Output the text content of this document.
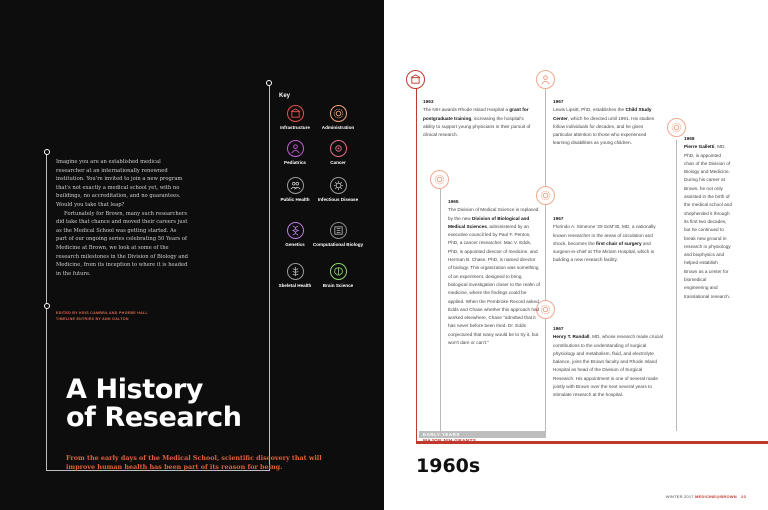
Imagine you are an established medical researcher at an internationally renowned institution. You're invited to join a new program that's not exactly a medical school yet, with no buildings, no accreditation, and no guarantees. Would you take that leap?

Fortunately for Brown, many such researchers did take that chance and moved their careers just as the Medical School was getting started. As part of our ongoing series celebrating 50 Years of Medicine at Brown, we look at some of the research milestones in the Division of Biology and Medicine, from its inception to where it is headed in the future.

EDITED BY KRIS CAMBRA AND PHOEBE HALL
TIMELINE ENTRIES BY ANN GALTON
A History
of Research
From the early days of the Medical School, scientific discovery that will improve human health has been part of its reason for being.
Key
Infrastructure	Administration
Pediatrics	Cancer
Public Health	Infectious Disease
Genetics	Computational Biology
Skeletal Health	Brain Science
EARLY YEARS
MAJOR NIH GRANTS
1960s
1963
The NIH awards Rhode Island Hospital a grant for postgraduate training, increasing the hospital's ability to support young physicians in their pursuit of clinical research.
1965
The Division of Medical Science is replaced by the new Division of Biological and Medical Sciences, administered by an executive council led by Paul F. Penton, PhD, a cancer researcher. Mac V. Edds, PhD, is appointed director of medicine, and Herman B. Chase, PhD, is named director of biology. This organization was something of an experiment, designed to bring biological investigation closer to the realm of medicine, where the findings could be applied. When the Pembroke Record asked Edds and Chase whether this approach had worked elsewhere, Chase "admitted that it has never before been tried. Dr. Edds conjectured that Ivany would be to try it, but won't dare or can't."
1967
Lewis Lipsitt, PhD, establishes the Child Study Center, which he directed until 1991. His studies follow individuals for decades, and he gives particular attention to those who experienced learning disabilities as young children.
1967
Florindo A. Simeone '29 ScM'30, MD, a nationally known researcher in the areas of circulation and shock, becomes the first chair of surgery and surgeon-in-chief at The Miriam Hospital, which is building a new research facility.
1967
Henry T. Randall, MD, whose research made crucial contributions to the understanding of surgical physiology and metabolism, fluid, and electrolyte balance, joins the Brown faculty and Rhode Island Hospital as head of the Division of Surgical Research. His appointment is one of several made jointly with Brown over the next several years to stimulate research at the hospital.
1968
Pierre Galletti, MD, PhD, is appointed chair of the Division of Biology and Medicine. During his career at Brown, he not only assisted in the birth of the medical school and shepherded it through its first two decades, but he continued to break new ground in research in physiology and biophysics and helped establish Brown as a center for biomedical engineering and translational research.
WINTER 2017 MEDICINE@BROWN 23
